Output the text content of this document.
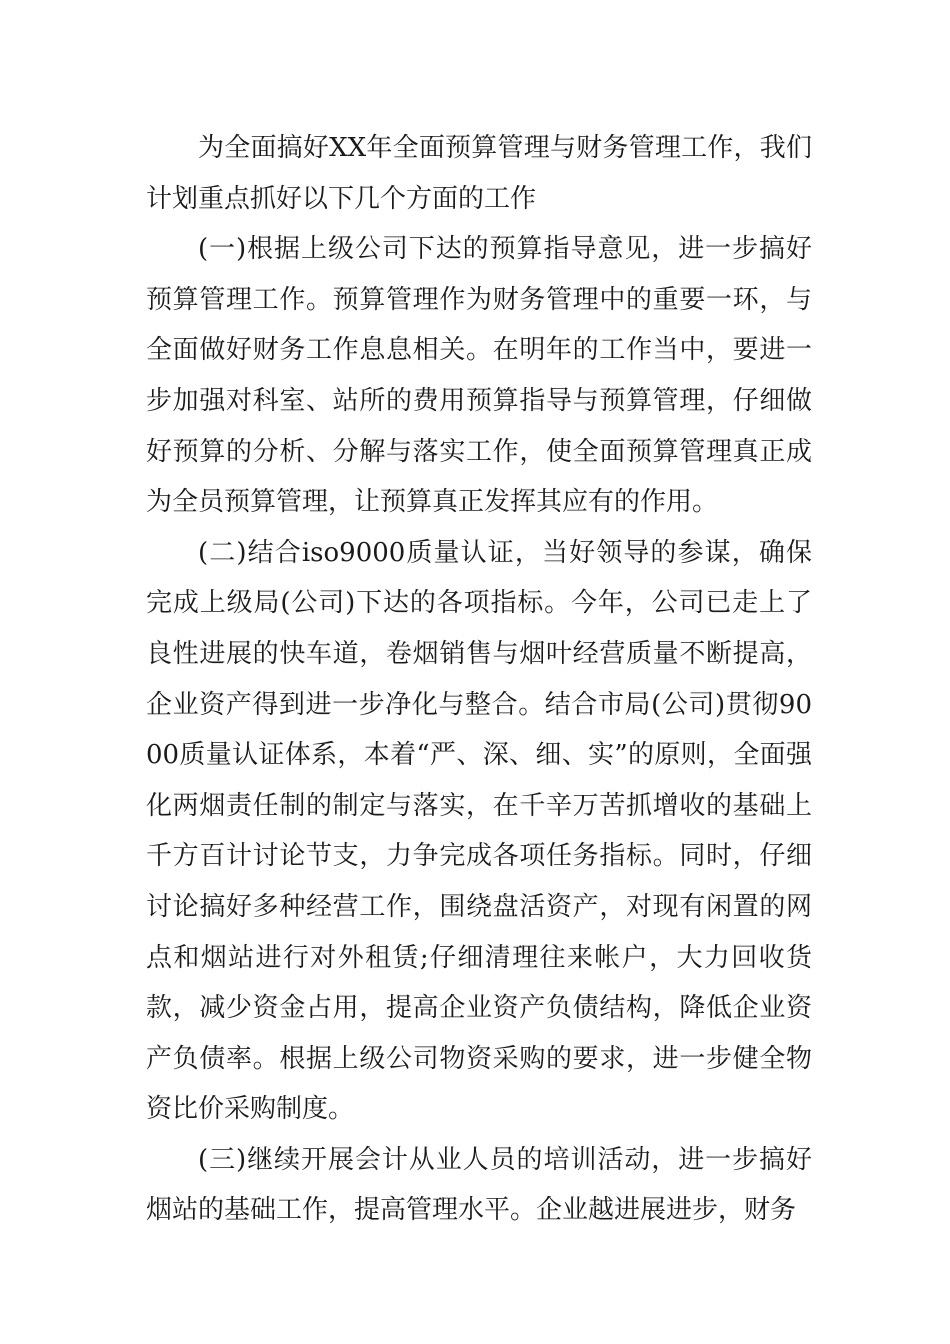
为全面搞好XX年全面预算管理与财务管理工作，我们计划重点抓好以下几个方面的工作

(一)根据上级公司下达的预算指导意见，进一步搞好预算管理工作。预算管理作为财务管理中的重要一环，与全面做好财务工作息息相关。在明年的工作当中，要进一步加强对科室、站所的费用预算指导与预算管理，仔细做好预算的分析、分解与落实工作，使全面预算管理真正成为全员预算管理，让预算真正发挥其应有的作用。

(二)结合iso9000质量认证，当好领导的参谋，确保完成上级局(公司)下达的各项指标。今年，公司已走上了良性进展的快车道，卷烟销售与烟叶经营质量不断提高，企业资产得到进一步净化与整合。结合市局(公司)贯彻9000质量认证体系，本着“严、深、细、实”的原则，全面强化两烟责任制的制定与落实，在千辛万苦抓增收的基础上千方百计讨论节支，力争完成各项任务指标。同时，仔细讨论搞好多种经营工作，围绕盘活资产，对现有闲置的网点和烟站进行对外租赁;仔细清理往来帐户，大力回收货款，减少资金占用，提高企业资产负债结构，降低企业资产负债率。根据上级公司物资采购的要求，进一步健全物资比价采购制度。

(三)继续开展会计从业人员的培训活动，进一步搞好烟站的基础工作，提高管理水平。企业越进展进步，财务
